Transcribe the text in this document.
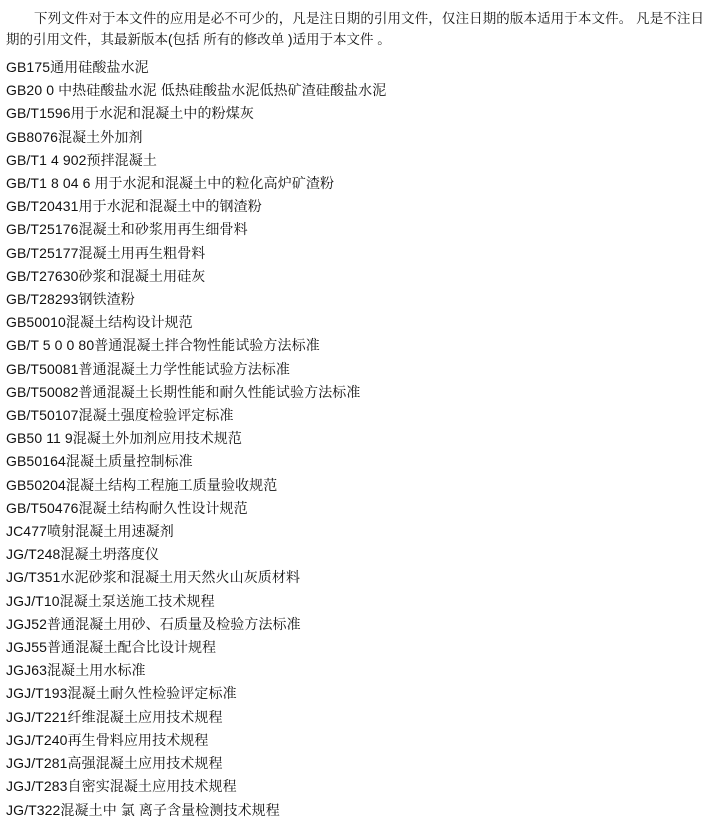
下列文件对于本文件的应用是必不可少的，凡是注日期的引用文件，仅注日期的版本适用于本文件。 凡是不注日期的引用文件，其最新版本(包括 所有的修改单 )适用于本文件 。

GB175通用硅酸盐水泥
GB20 0 中热硅酸盐水泥 低热硅酸盐水泥低热矿渣硅酸盐水泥
GB/T1596用于水泥和混凝土中的粉煤灰
GB8076混凝土外加剂
GB/T1 4 902预拌混凝土
GB/T1 8 04 6 用于水泥和混凝土中的粒化高炉矿渣粉
GB/T20431用于水泥和混凝土中的钢渣粉
GB/T25176混凝土和砂浆用再生细骨料
GB/T25177混凝土用再生粗骨料
GB/T27630砂浆和混凝土用硅灰
GB/T28293钢铁渣粉
GB50010混凝土结构设计规范
GB/T 5 0 0 80普通混凝土拌合物性能试验方法标准
GB/T50081普通混凝土力学性能试验方法标准
GB/T50082普通混凝土长期性能和耐久性能试验方法标准
GB/T50107混凝土强度检验评定标准
GB50 11 9混凝土外加剂应用技术规范
GB50164混凝土质量控制标准
GB50204混凝土结构工程施工质量验收规范
GB/T50476混凝土结构耐久性设计规范
JC477喷射混凝土用速凝剂
JG/T248混凝土坍落度仪
JG/T351水泥砂浆和混凝土用天然火山灰质材料
JGJ/T10混凝土泵送施工技术规程
JGJ52普通混凝土用砂、石质量及检验方法标准
JGJ55普通混凝土配合比设计规程
JGJ63混凝土用水标准
JGJ/T193混凝土耐久性检验评定标准
JGJ/T221纤维混凝土应用技术规程
JGJ/T240再生骨料应用技术规程
JGJ/T281高强混凝土应用技术规程
JGJ/T283自密实混凝土应用技术规程
JG/T322混凝土中 氯 离子含量检测技术规程
